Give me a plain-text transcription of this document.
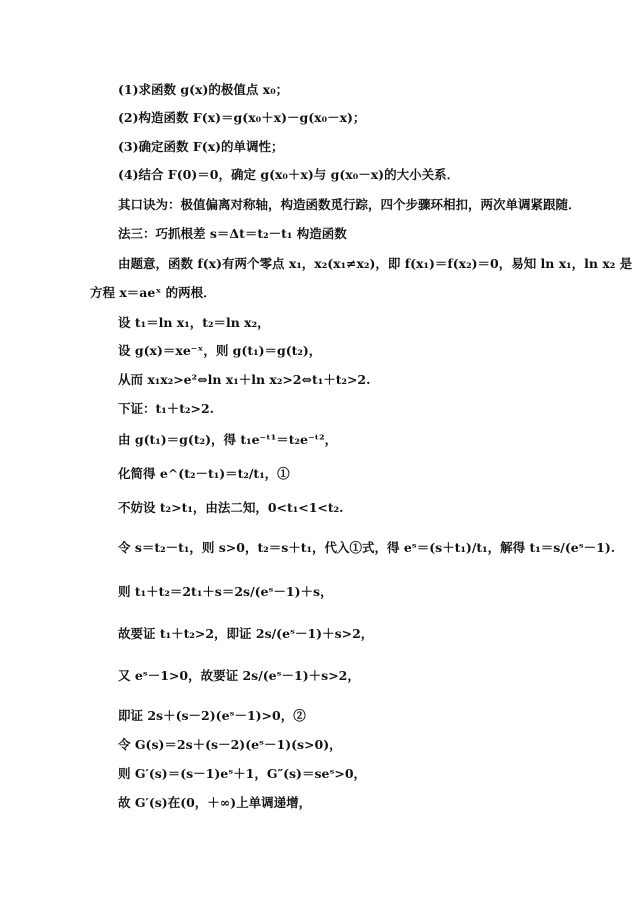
(1)求函数 g(x)的极值点 x₀；
(2)构造函数 F(x)＝g(x₀＋x)－g(x₀－x)；
(3)确定函数 F(x)的单调性；
(4)结合 F(0)＝0，确定 g(x₀＋x)与 g(x₀－x)的大小关系．
其口诀为：极值偏离对称轴，构造函数觅行踪，四个步骤环相扣，两次单调紧跟随．
法三：巧抓根差 s＝Δt＝t₂－t₁ 构造函数
由题意，函数 f(x)有两个零点 x₁，x₂(x₁≠x₂)，即 f(x₁)＝f(x₂)＝0，易知 ln x₁，ln x₂ 是
方程 x＝aeˣ 的两根．
设 t₁＝ln x₁，t₂＝ln x₂，
设 g(x)＝xe⁻ˣ，则 g(t₁)＝g(t₂)，
从而 x₁x₂>e²⇔ln x₁＋ln x₂>2⇔t₁＋t₂>2.
下证：t₁＋t₂>2.
由 g(t₁)＝g(t₂)，得 t₁e⁻ᵗ¹＝t₂e⁻ᵗ²，
化简得 e^(t₂－t₁)＝t₂/t₁，①
不妨设 t₂>t₁，由法二知，0<t₁<1<t₂.
令 s＝t₂－t₁，则 s>0，t₂＝s＋t₁，代入①式，得 eˢ＝(s＋t₁)/t₁，解得 t₁＝s/(eˢ－1).
则 t₁＋t₂＝2t₁＋s＝2s/(eˢ－1)＋s，
故要证 t₁＋t₂>2，即证 2s/(eˢ－1)＋s>2，
又 eˢ－1>0，故要证 2s/(eˢ－1)＋s>2，
即证 2s＋(s－2)(eˢ－1)>0，②
令 G(s)＝2s＋(s－2)(eˢ－1)(s>0)，
则 G′(s)＝(s－1)eˢ＋1，G″(s)＝seˢ>0，
故 G′(s)在(0，＋∞)上单调递增，
